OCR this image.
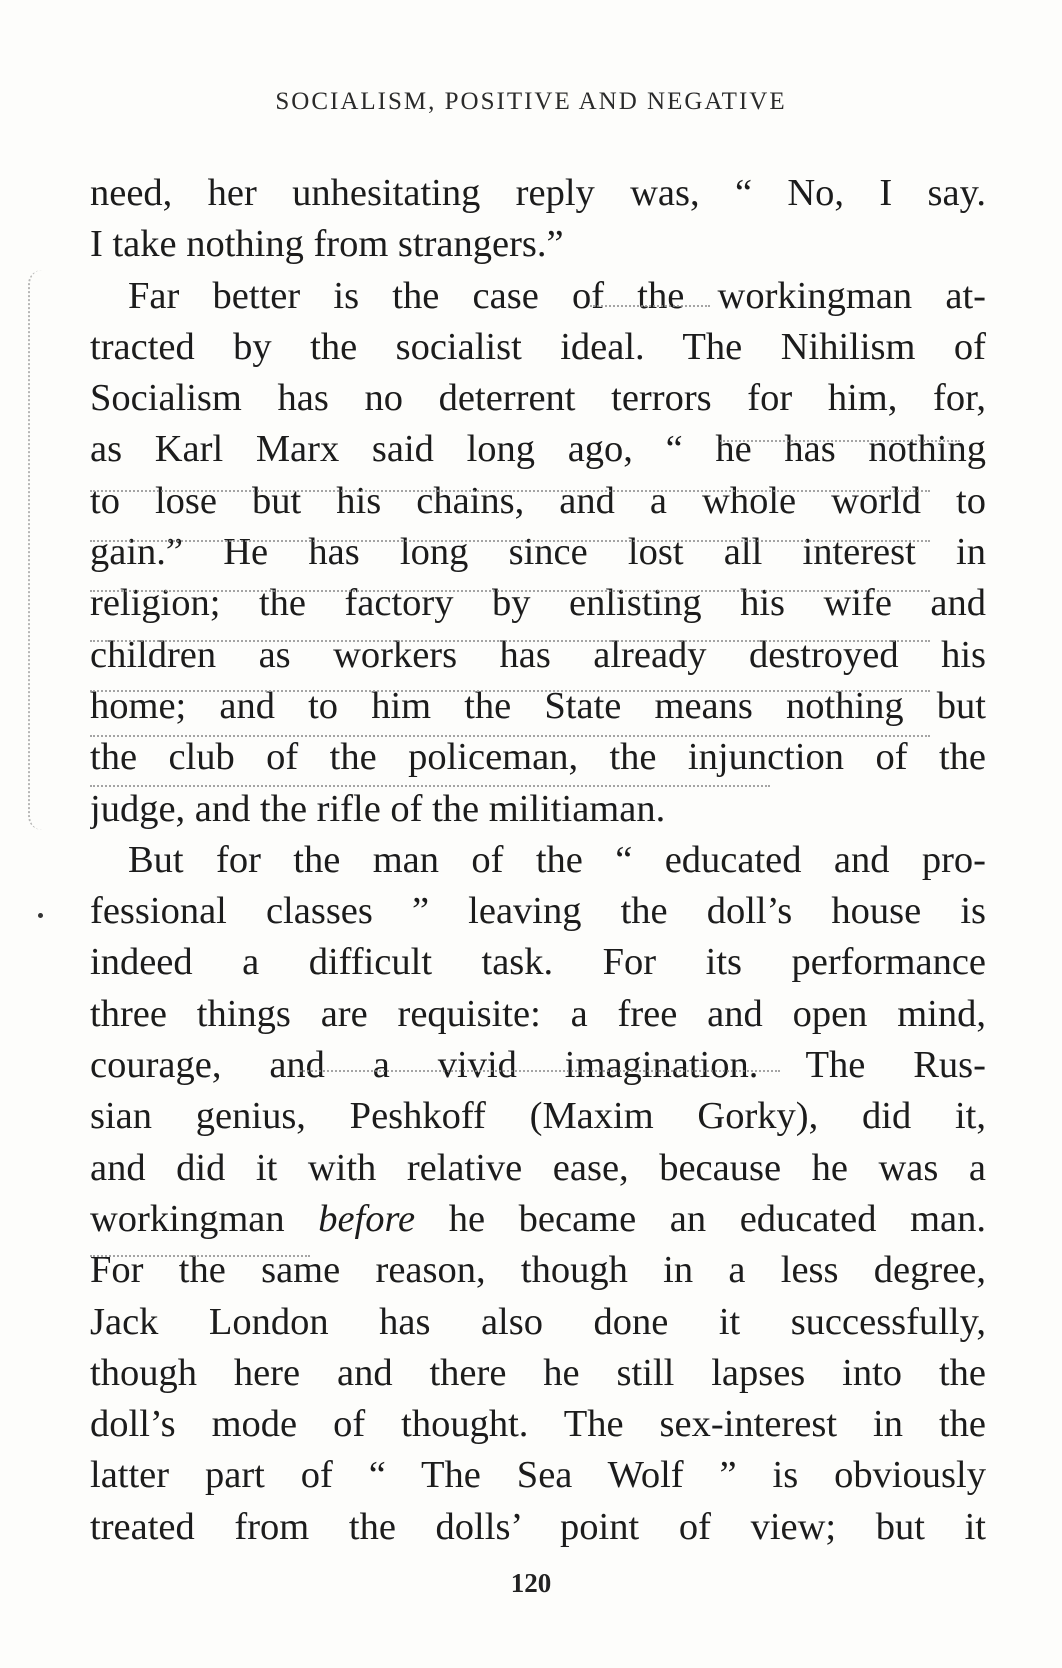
SOCIALISM, POSITIVE AND NEGATIVE
need, her unhesitating reply was, “ No, I say.
I take nothing from strangers.”
Far better is the case of the workingman at-
tracted by the socialist ideal. The Nihilism of
Socialism has no deterrent terrors for him, for,
as Karl Marx said long ago, “ he has nothing
to lose but his chains, and a whole world to
gain.” He has long since lost all interest in
religion; the factory by enlisting his wife and
children as workers has already destroyed his
home; and to him the State means nothing but
the club of the policeman, the injunction of the
judge, and the rifle of the militiaman.
But for the man of the “ educated and pro-
fessional classes ” leaving the doll’s house is
indeed a difficult task. For its performance
three things are requisite: a free and open mind,
courage, and a vivid imagination. The Rus-
sian genius, Peshkoff (Maxim Gorky), did it,
and did it with relative ease, because he was a
workingman before he became an educated man.
For the same reason, though in a less degree,
Jack London has also done it successfully,
though here and there he still lapses into the
doll’s mode of thought. The sex-interest in the
latter part of “ The Sea Wolf ” is obviously
treated from the dolls’ point of view; but it
120
